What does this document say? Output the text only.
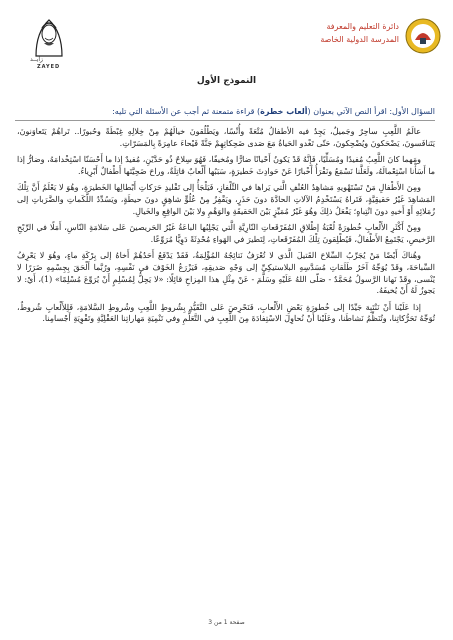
دائرة التعليم والمعرفة
المدرسة الدولية الخاصة
زايــد
ZAYED
النموذج الأول
السؤال الأول: اقرأ النص الآتي بعنوان (ألعاب خطرة) قراءة متمعنة ثم أجب عن الأسئلة التي تليه:

عالَمُ اللَّعِبِ ساحِرٌ وجَميلٌ، يَجِدُ فيه الأطفالُ مُتْعَةً وأُنْسًا، ويَطْلُقونَ خيالَهُمْ مِنْ خِلالِهِ غِبْطَةً وحُبورًا.. تَراهُمْ يَتَعاوَنونَ، يَتَنافَسونَ، يَضْحَكونَ ويُضْحِكونَ، حَتّى تَغْدو الحَياةُ مَعَ صَدى ضَحِكاتِهِمْ جَنَّةً فَيْحاءَ عامِرَةً بِالمَسَرّاتِ.

ومَهما كانَ اللَّعِبُ مُفيدًا ومُسَلِّيًا، فَإِنَّهُ قَدْ يَكونُ أَحْيانًا ضارًّا ومُخيفًا، فَهُوَ سِلاحٌ ذُو حَدَّيْنِ، مُفيدٌ إذا ما أَحْسَنّا اسْتِخْدامَهُ، وضارٌّ إذا ما أَسَأْنا اسْتِعْمالَهُ، ولَعَلَّنا نَسْمَعُ ونَقْرَأُ أَخْبارًا عَنْ حَوادِثَ خَطيرَةٍ، سَبَبُها أَلْعابٌ قاتِلَةٌ، وراحَ ضَحِيَّتَها أَطْفالٌ أَبْرِياءُ.

ومِنَ الأَطْفالِ مَنْ تَسْتَهْويهِ مَشاهِدُ العُنْفِ الَّتي يَراها في التِّلْفازِ، فَيَلْجَأُ إلى تَقْليدِ حَرَكاتِ أَبْطالِها الخَطيرَةِ، وهُوَ لا يَعْلَمُ أَنَّ تِلْكَ المَشاهِدَ غَيْرُ حَقيقِيَّةٍ، فَتَراهُ يَسْتَخْدِمُ الآلاتِ الحادَّةَ دونَ حَذَرٍ، ويَقْفِزُ مِنْ عُلُوٍّ شاهِقٍ دونَ حيطَةٍ، ويَسُدِّدُ اللَّكَماتِ والضَّرَباتِ إلى زُمَلائِهِ أَوْ أَخيهِ دونَ انْتِباهٍ؛ يَفْعَلُ ذلِكَ وهُوَ غَيْرُ مُمَيِّزٍ بَيْنَ الحَقيقَةِ والوَهْمِ ولا بَيْنَ الواقِعِ والخَيالِ.

ومِنْ أَكْثَرِ الأَلْعابِ خُطورَةً لُعْبَةُ إطْلاقِ المُفَرْقَعاتِ النّارِيَّةِ الَّتي يَجْلِبُها الباعَةُ غَيْرُ الحَريصينَ عَلى سَلامَةِ النّاسِ، أَمَلًا في الرِّبْحِ الرَّخيصِ، يَجْتَمِعُ الأَطْفالُ، فَيُطْلِقونَ تِلْكَ المُفَرْقَعاتِ، لِتَطيرَ في الهَواءِ مُحْدِثَةً دَوِيًّا مُرَوِّعًا.

وهُناكَ أَيْضًا مَنْ يُجَرِّبُ السِّلاحَ القَتيلَ الَّذي لا تُعْرَفُ نَتائِجُهُ المُؤْلِمَةُ، فَقَدْ يَدْفَعُ أَحَدُهُمْ أَخاهُ إلى بِرْكَةِ ماءٍ، وهُوَ لا يَعْرِفُ السِّباحَةَ، وقَدْ يُوَجِّهُ آخَرُ طَلَقاتِ مُسَدَّسِهِ البلاستيكِيِّ إلى وَجْهِ صَديقِهِ، فَيَزْرَعُ الخَوْفَ في نَفْسِهِ، ورُبَّما أَلْحَقَ بِجِسْمِهِ ضَرَرًا لا يُنْسى، وقَدْ نَهانا الرَّسولُ مُحَمَّدٌ - صَلّى اللهُ عَلَيْهِ وسَلَّمَ - عَنْ مِثْلِ هذا المِزاحِ قائِلًا: «لا يَحِلُّ لِمُسْلِمٍ أَنْ يُرَوِّعَ مُسْلِمًا» (1)، أَيْ: لا يَجوزُ لَهُ أَنْ يُخيفَهُ.

إذا عَلَيْنا أَنْ نَنْتَبِهَ جَيِّدًا إلى خُطورَةِ بَعْضِ الأَلْعابِ، فَنَحْرِصَ عَلى التَّقَيُّدِ بِشُروطِ اللَّعِبِ وشُروطِ السَّلامَةِ، فَلِلأَلْعابِ شُروطٌ، تُوَجِّهُ تَحَرُّكاتِنا، وتُنَظِّمُ نَشاطَنا، وعَلَيْنا أَنْ نُحاوِلَ الاسْتِفادَةَ مِنَ اللَّعِبِ في التَّعَلُّمِ وفي تَنْمِيَةِ مَهاراتِنا العَقْلِيَّةِ وتَقْوِيَةِ أَجْسامِنا.

صفحة 1 من 3
